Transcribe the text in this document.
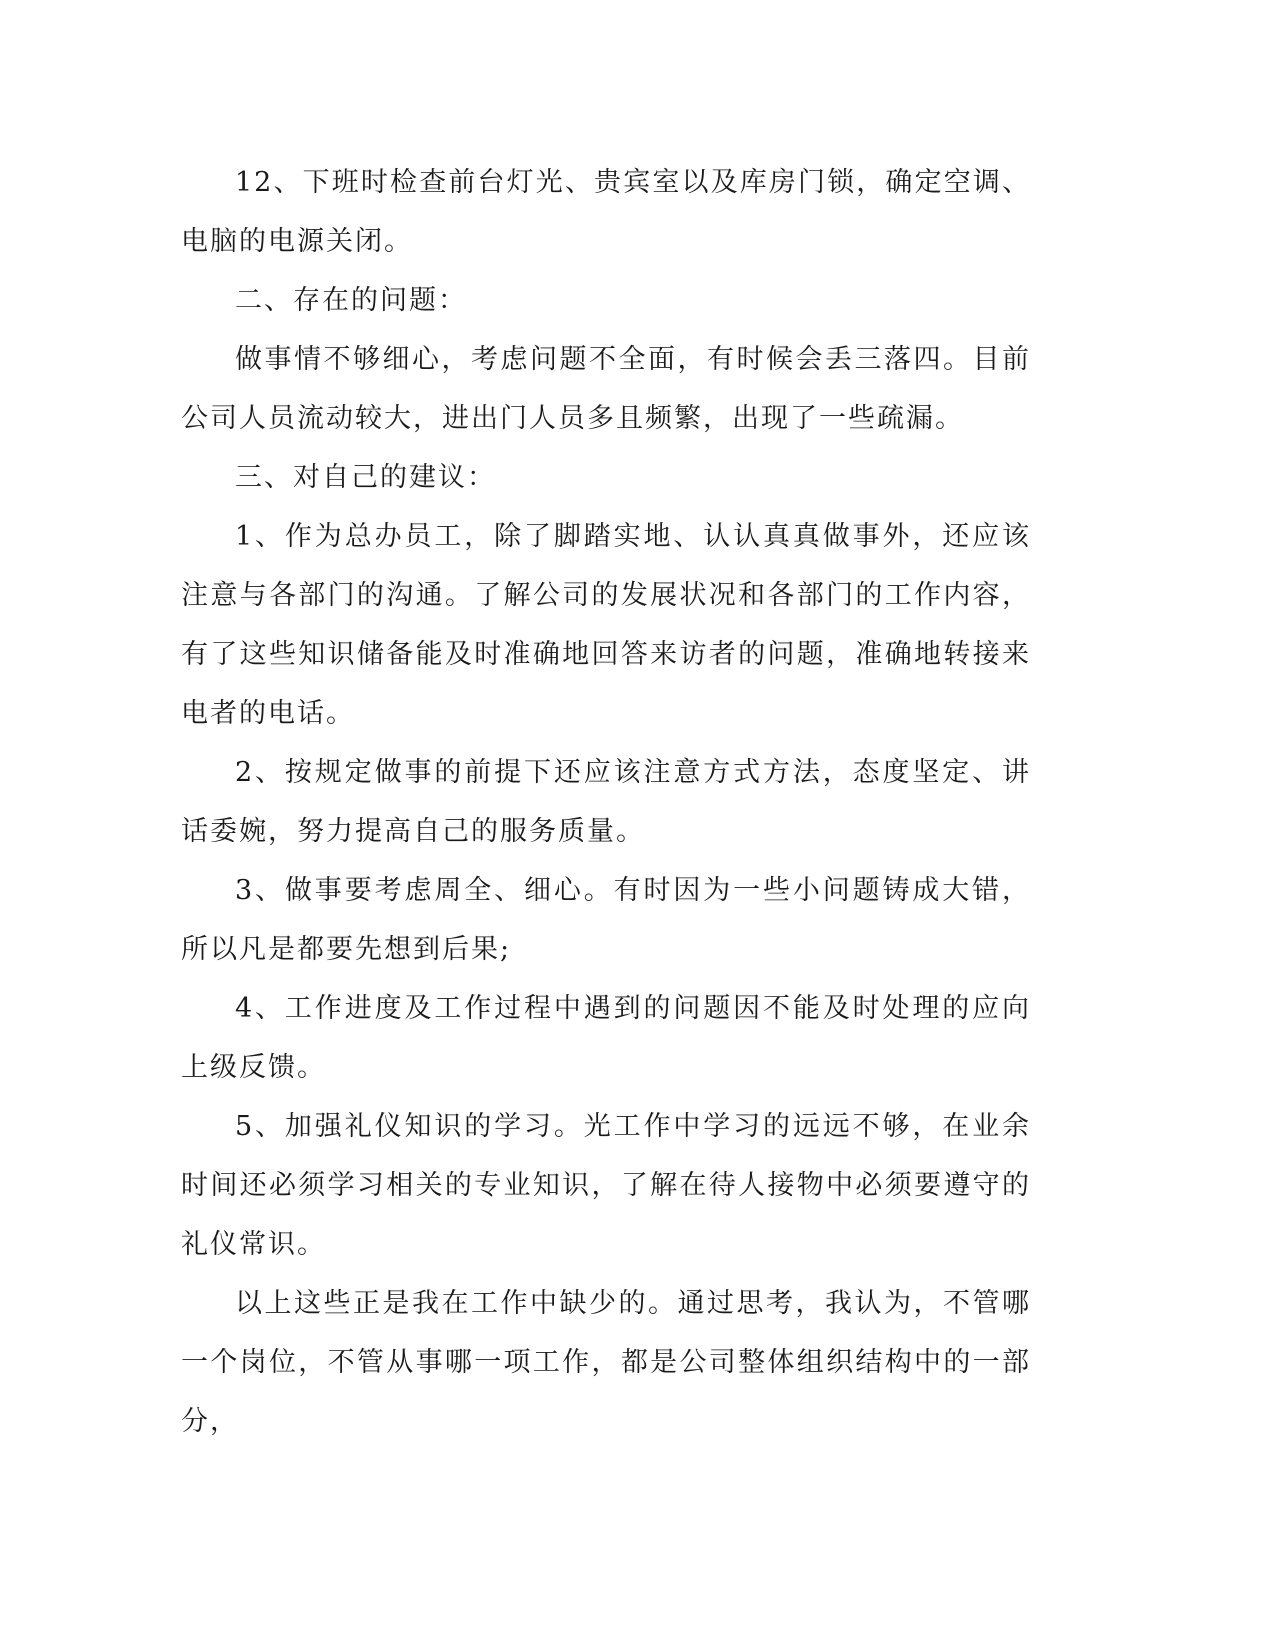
12、下班时检查前台灯光、贵宾室以及库房门锁，确定空调、电脑的电源关闭。

二、存在的问题：

做事情不够细心，考虑问题不全面，有时候会丢三落四。目前公司人员流动较大，进出门人员多且频繁，出现了一些疏漏。

三、对自己的建议：

1、作为总办员工，除了脚踏实地、认认真真做事外，还应该注意与各部门的沟通。了解公司的发展状况和各部门的工作内容，有了这些知识储备能及时准确地回答来访者的问题，准确地转接来电者的电话。

2、按规定做事的前提下还应该注意方式方法，态度坚定、讲话委婉，努力提高自己的服务质量。

3、做事要考虑周全、细心。有时因为一些小问题铸成大错，所以凡是都要先想到后果;

4、工作进度及工作过程中遇到的问题因不能及时处理的应向上级反馈。

5、加强礼仪知识的学习。光工作中学习的远远不够，在业余时间还必须学习相关的专业知识，了解在待人接物中必须要遵守的礼仪常识。

以上这些正是我在工作中缺少的。通过思考，我认为，不管哪一个岗位，不管从事哪一项工作，都是公司整体组织结构中的一部分，
